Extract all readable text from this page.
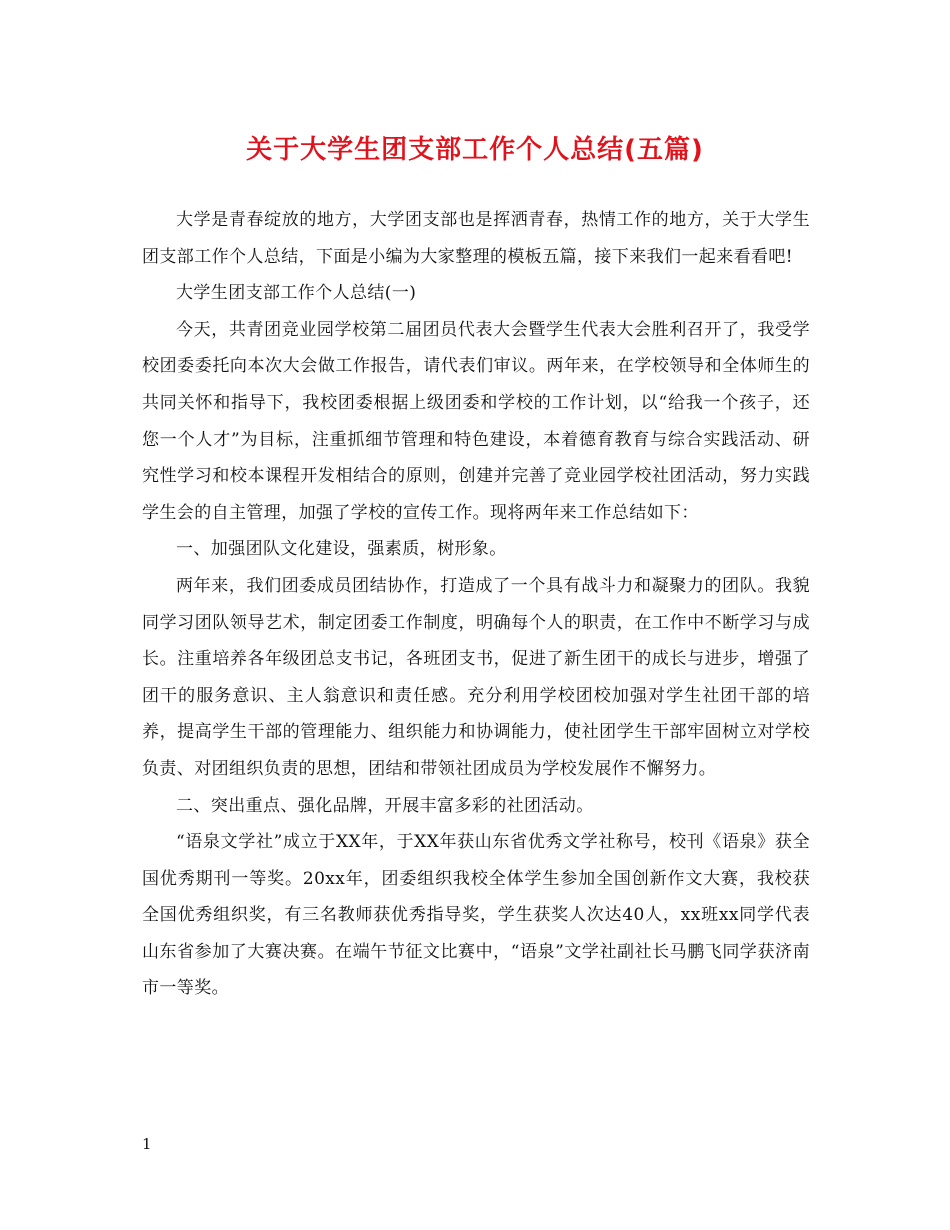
关于大学生团支部工作个人总结(五篇)

大学是青春绽放的地方，大学团支部也是挥洒青春，热情工作的地方，关于大学生团支部工作个人总结，下面是小编为大家整理的模板五篇，接下来我们一起来看看吧!

大学生团支部工作个人总结(一)

今天，共青团竞业园学校第二届团员代表大会暨学生代表大会胜利召开了，我受学校团委委托向本次大会做工作报告，请代表们审议。两年来，在学校领导和全体师生的共同关怀和指导下，我校团委根据上级团委和学校的工作计划，以“给我一个孩子，还您一个人才”为目标，注重抓细节管理和特色建设，本着德育教育与综合实践活动、研究性学习和校本课程开发相结合的原则，创建并完善了竞业园学校社团活动，努力实践学生会的自主管理，加强了学校的宣传工作。现将两年来工作总结如下：

一、加强团队文化建设，强素质，树形象。

两年来，我们团委成员团结协作，打造成了一个具有战斗力和凝聚力的团队。我貌同学习团队领导艺术，制定团委工作制度，明确每个人的职责，在工作中不断学习与成长。注重培养各年级团总支书记，各班团支书，促进了新生团干的成长与进步，增强了团干的服务意识、主人翁意识和责任感。充分利用学校团校加强对学生社团干部的培养，提高学生干部的管理能力、组织能力和协调能力，使社团学生干部牢固树立对学校负责、对团组织负责的思想，团结和带领社团成员为学校发展作不懈努力。

二、突出重点、强化品牌，开展丰富多彩的社团活动。

“语泉文学社”成立于XX年，于XX年获山东省优秀文学社称号，校刊《语泉》获全国优秀期刊一等奖。20xx年，团委组织我校全体学生参加全国创新作文大赛，我校获全国优秀组织奖，有三名教师获优秀指导奖，学生获奖人次达40人，xx班xx同学代表山东省参加了大赛决赛。在端午节征文比赛中，“语泉”文学社副社长马鹏飞同学获济南市一等奖。

1
